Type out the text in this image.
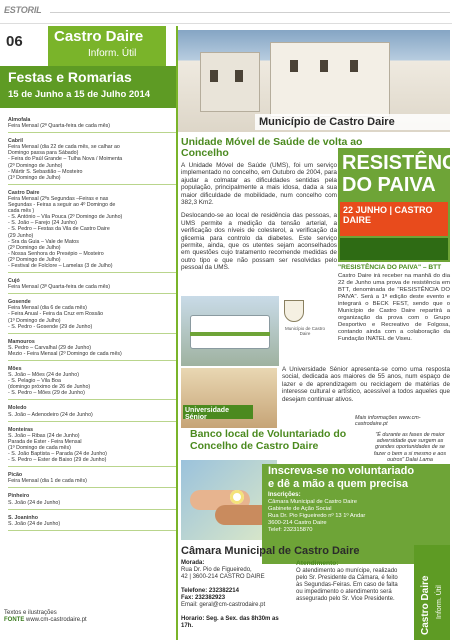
ESTORIL
06 Castro Daire
Inform. Útil
Festas e Romarias
15 de Junho a 15 de Julho 2014
Almofala
Feira Mensal (2ª Quarta-feira de cada mês)
Cabril
Feira Mensal (dia 22 de cada mês, se calhar ao
Domingo passa para Sábado)
- Feira do Paúl Grande – Tulha Nova / Moimenta
(2º Domingo de Junho)
- Mártir S. Sebastião – Mosteiro
(1º Domingo de Julho)
Castro Daire
Feira Mensal (2ªs Segundas –Feiras e nas
Segundas - Feiras a seguir ao 4º Domingo de
cada mês )
- S. António – Vila Pouca (2º Domingo de Junho)
- S. João – Farejo (24 Junho)
- S. Pedro – Festas da Vila de Castro Daire
(29 Junho)
- Sra da Guia – Vale de Matos
(2º Domingo de Julho)
- Nossa Senhora do Presépio – Mosteiro
(2º Domingo de Julho)
- Festival de Folclore – Lamelas (3 de Julho)
Cujó
Feira Mensal (3ª Quarta-feira de cada mês)
Gosende
Feira Mensal (dia 6 de cada mês)
- Feira Anual - Feira da Cruz em Rossão
(1º Domingo de Julho)
- S. Pedro - Gosende (29 de Junho)
Mamouros
S. Pedro – Carvalhal (29 de Junho)
Mezio - Feira Mensal (2º Domingo de cada mês)
Mões
S. João – Mões (24 de Junho)
- S. Pelagio – Vila Boa
(domingo próximo de 26 de Junho)
- S. Pedro – Mões (29 de Junho)
Moledo
S. João – Adenodeiro (24 de Junho)
Monteiras
S. João – Ribas (24 de Junho)
Parada de Ester - Feira Mensal
(1º Domingo de cada mês)
- S. João Baptista – Parada (24 de Junho)
- S. Pedro – Ester de Baixo (29 de Junho)
Picão
Feira Mensal (dia 1 de cada mês)
Pinheiro
S. João (24 de Junho)
S. Joaninho
S. João (24 de Junho)
Textos e ilustrações
FONTE www.cm-castrodaire.pt
Município de Castro Daire
Unidade Móvel de Saúde de volta ao Concelho

A Unidade Móvel de Saúde (UMS), foi um serviço implementado no concelho, em Outubro de 2004, para ajudar a colmatar as dificuldades sentidas pela população, principalmente a mais idosa, dada a sua maior dificuldade de mobilidade, num concelho com 382,3 Km2.

Deslocando-se ao local de residência das pessoas, a UMS permite a medição da tensão arterial, a verificação dos níveis de colesterol, a verificação da glicemia para controlo da diabetes. Este serviço permite, ainda, que os utentes sejam aconselhados em questões cujo tratamento recomende medidas de outro tipo e que não possam ser resolvidas pelo pessoal da UMS.

RESISTÊNCIA
DO PAIVA
22 JUNHO | CASTRO DAIRE
"RESISTÊNCIA DO PAIVA" – BTT
Castro Daire irá receber na manhã do dia 22 de Junho uma prova de resistência em BTT, denominada de "RESISTÊNCIA DO PAIVA". Será a 1ª edição deste evento e integrará o BECK FEST, sendo que o Município de Castro Daire repartirá a organização da prova com o Grupo Desportivo e Recreativo de Folgosa, contando ainda com a colaboração da Fundação INATEL de Viseu.
Município de Castro Daire
Universidade Sénior
A Universidade Sénior apresenta-se como uma resposta social, dedicada aos maiores de 55 anos, num espaço de lazer e de aprendizagem ou reciclagem de matérias de interesse cultural e artístico, acessível a todos aqueles que desejam continuar ativos.
Mais informações www.cm-castrodaire.pt
Banco local de Voluntariado do Concelho de Castro Daire
"É durante as fases de maior adversidade que surgem as grandes oportunidades de se fazer o bem a si mesmo e aos outros" Dalai Lama
Inscreva-se no voluntariado
e dê a mão a quem precisa
Inscrições:
Câmara Municipal de Castro Daire
Gabinete de Ação Social
Rua Dr. Pio Figueiredo nº 13 1º Andar
3600-214 Castro Daire
Telef: 232315870
Câmara Municipal de Castro Daire
Morada:
Rua Dr. Pio de Figueiredo,
42 | 3600-214 CASTRO DAIRE

Telefone: 232382214
Fax: 232382923
Email: geral@cm-castrodaire.pt

Horario: Seg. a Sex. das 8h30m as 17h.
Atendimento:
O atendimento ao munícipe, realizado pelo Sr. Presidente da Câmara, é feito às Segundas-Feiras. Em caso de falta ou impedimento o atendimento será assegurado pelo Sr. Vice Presidente.	Castro Daire Inform. Útil
